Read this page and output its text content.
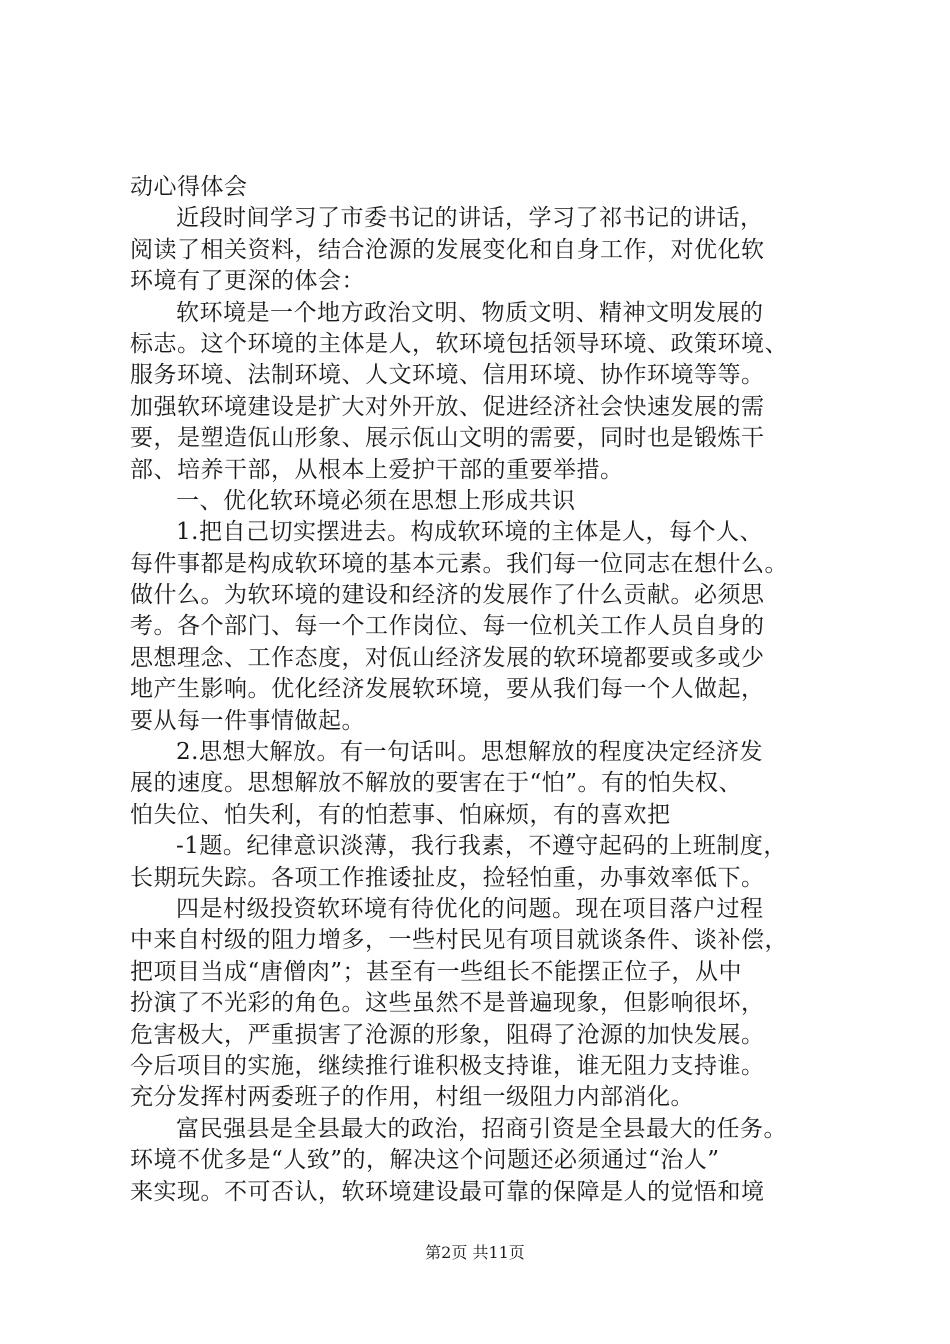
动心得体会
近段时间学习了市委书记的讲话，学习了祁书记的讲话，
阅读了相关资料，结合沧源的发展变化和自身工作，对优化软
环境有了更深的体会：
软环境是一个地方政治文明、物质文明、精神文明发展的
标志。这个环境的主体是人，软环境包括领导环境、政策环境、
服务环境、法制环境、人文环境、信用环境、协作环境等等。
加强软环境建设是扩大对外开放、促进经济社会快速发展的需
要，是塑造佤山形象、展示佤山文明的需要，同时也是锻炼干
部、培养干部，从根本上爱护干部的重要举措。
一、优化软环境必须在思想上形成共识
1.把自己切实摆进去。构成软环境的主体是人，每个人、
每件事都是构成软环境的基本元素。我们每一位同志在想什么。
做什么。为软环境的建设和经济的发展作了什么贡献。必须思
考。各个部门、每一个工作岗位、每一位机关工作人员自身的
思想理念、工作态度，对佤山经济发展的软环境都要或多或少
地产生影响。优化经济发展软环境，要从我们每一个人做起，
要从每一件事情做起。
2.思想大解放。有一句话叫。思想解放的程度决定经济发
展的速度。思想解放不解放的要害在于“怕”。有的怕失权、
怕失位、怕失利，有的怕惹事、怕麻烦，有的喜欢把
-1题。纪律意识淡薄，我行我素，不遵守起码的上班制度，
长期玩失踪。各项工作推诿扯皮，捡轻怕重，办事效率低下。
四是村级投资软环境有待优化的问题。现在项目落户过程
中来自村级的阻力增多，一些村民见有项目就谈条件、谈补偿，
把项目当成“唐僧肉”；甚至有一些组长不能摆正位子，从中
扮演了不光彩的角色。这些虽然不是普遍现象，但影响很坏，
危害极大，严重损害了沧源的形象，阻碍了沧源的加快发展。
今后项目的实施，继续推行谁积极支持谁，谁无阻力支持谁。
充分发挥村两委班子的作用，村组一级阻力内部消化。
富民强县是全县最大的政治，招商引资是全县最大的任务。
环境不优多是“人致”的，解决这个问题还必须通过“治人”
来实现。不可否认，软环境建设最可靠的保障是人的觉悟和境
第2页 共11页
